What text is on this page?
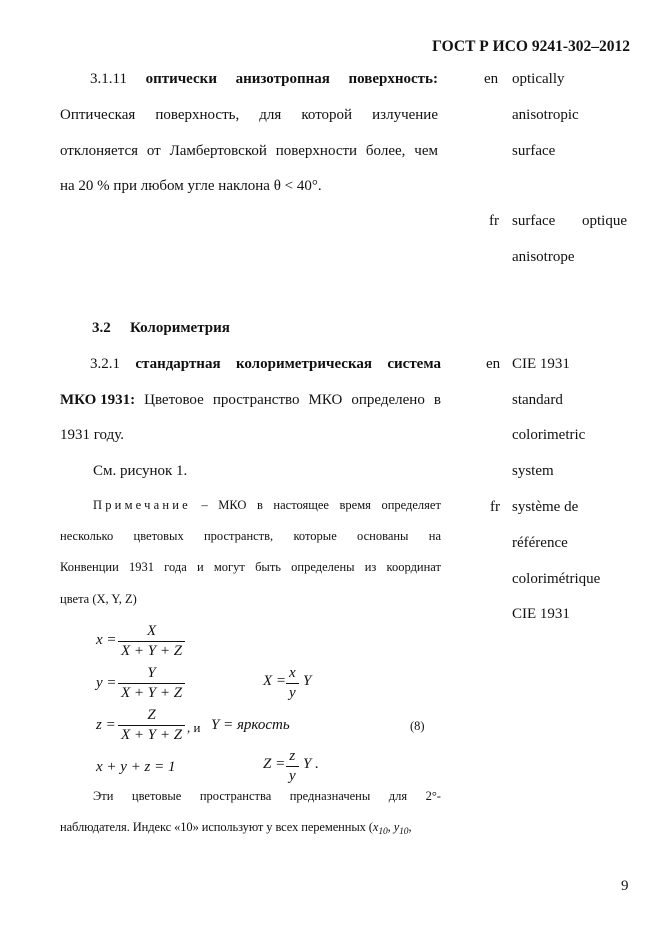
ГОСТ Р ИСО 9241-302–2012
3.1.11 оптически анизотропная поверхность:
Оптическая поверхность, для которой излучение
отклоняется от Ламбертовской поверхности более, чем
на 20 % при любом угле наклона θ < 40°.
en optically
anisotropic
surface
fr surface optique
anisotrope
3.2 Колориметрия
3.2.1 стандартная колориметрическая система
МКО 1931: Цветовое пространство МКО определено в
1931 году.
См. рисунок 1.
Примечание – МКО в настоящее время определяет
несколько цветовых пространств, которые основаны на
Конвенции 1931 года и могут быть определены из координат
цвета (X, Y, Z)
en CIE 1931
standard
colorimetric
system
fr système de
référence
colorimétrique
CIE 1931
$x = \frac{X}{X + Y + Z}$
$y = \frac{Y}{X + Y + Z}$	$X = \frac{x}{y}$ Y
$z = \frac{Z}{X + Y + Z}$ , и Y = яркость	(8)
x + y + z = 1	$Z = \frac{z}{y}$ Y .
Эти цветовые пространства предназначены для 2°-
наблюдателя. Индекс «10» используют у всех переменных ($x_{10}$, $y_{10}$,
9
